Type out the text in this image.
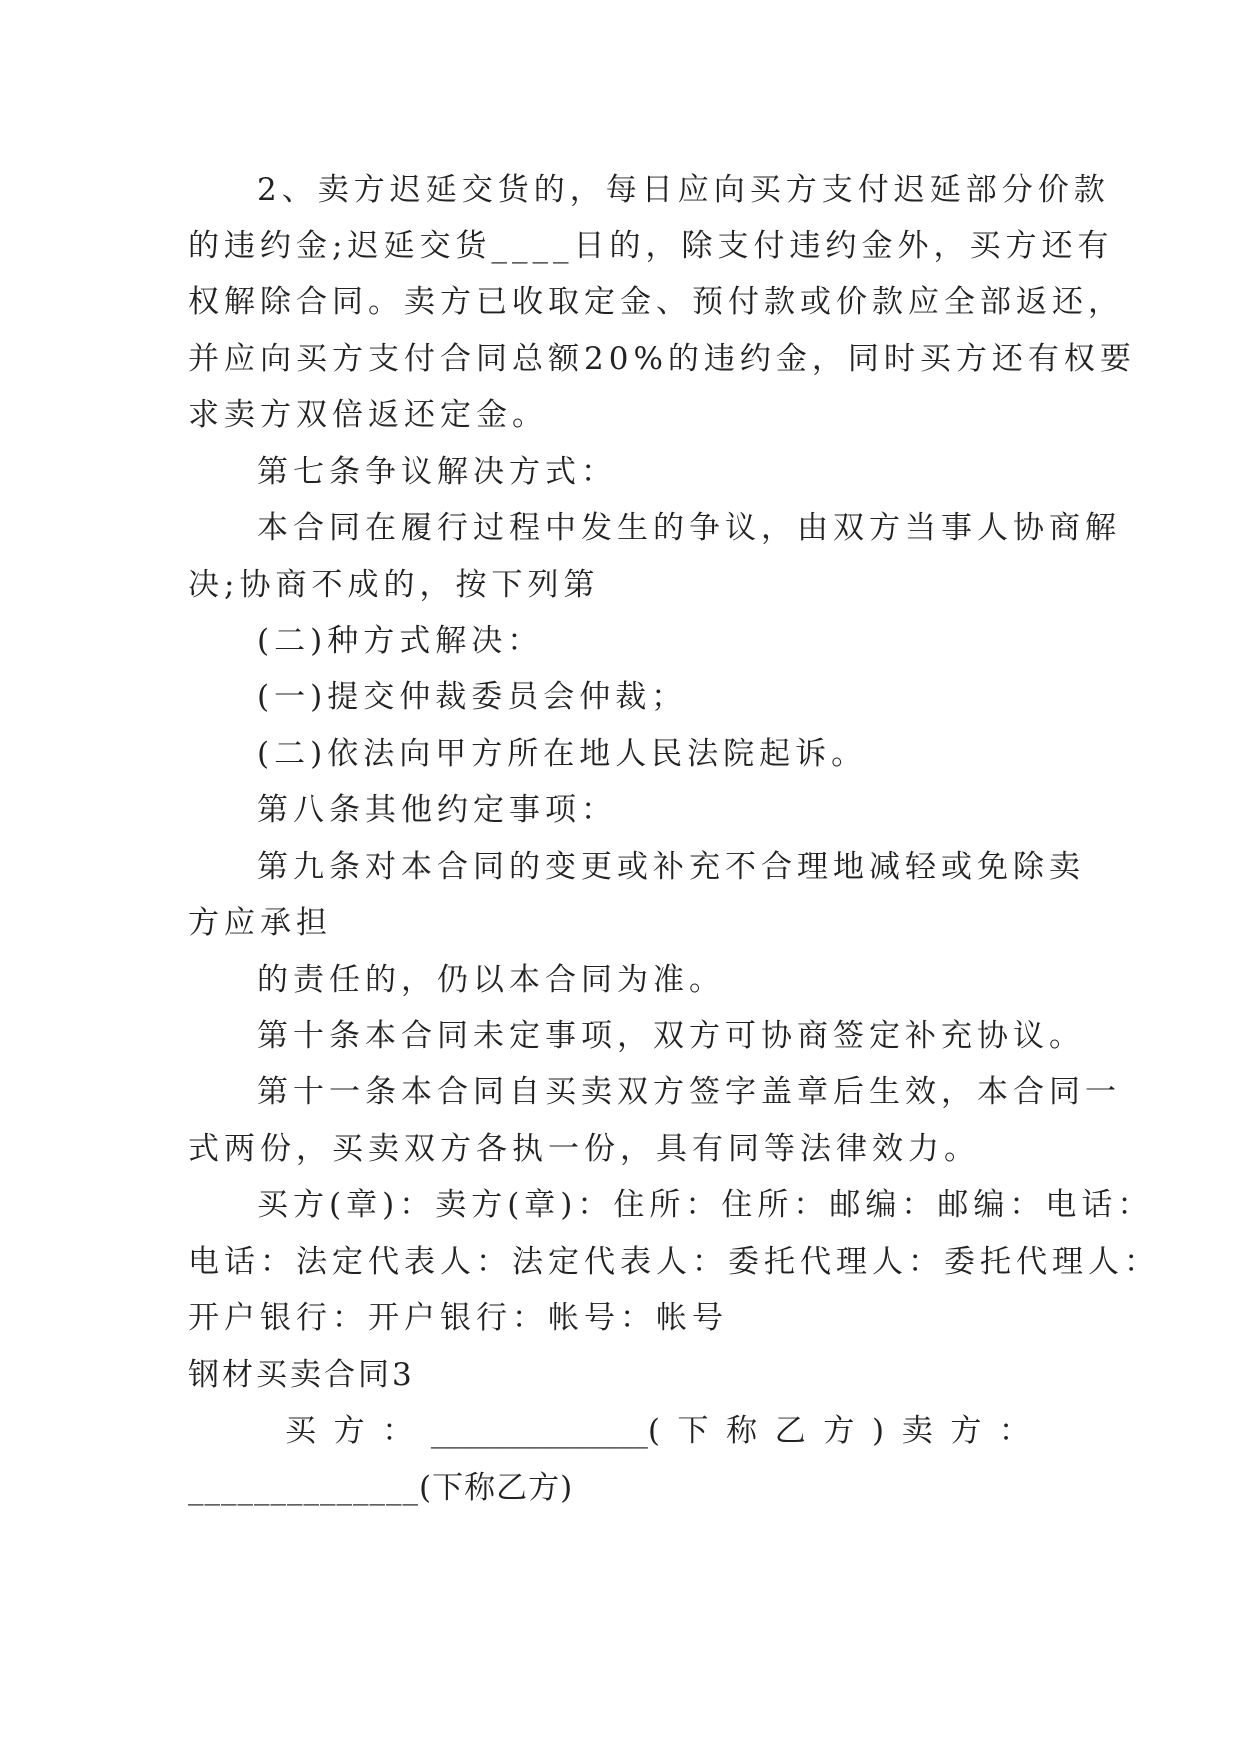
2、卖方迟延交货的，每日应向买方支付迟延部分价款
的违约金;迟延交货____日的，除支付违约金外，买方还有
权解除合同。卖方已收取定金、预付款或价款应全部返还，
并应向买方支付合同总额20%的违约金，同时买方还有权要
求卖方双倍返还定金。
第七条争议解决方式：
本合同在履行过程中发生的争议，由双方当事人协商解
决;协商不成的，按下列第
(二)种方式解决：
(一)提交仲裁委员会仲裁；
(二)依法向甲方所在地人民法院起诉。
第八条其他约定事项：
第九条对本合同的变更或补充不合理地减轻或免除卖
方应承担
的责任的，仍以本合同为准。
第十条本合同未定事项，双方可协商签定补充协议。
第十一条本合同自买卖双方签字盖章后生效，本合同一
式两份，买卖双方各执一份，具有同等法律效力。
买方(章)：卖方(章)：住所：住所：邮编：邮编：电话：
电话：法定代表人：法定代表人：委托代理人：委托代理人：
开户银行：开户银行：帐号：帐号
钢材买卖合同3
买 方 ： ______________( 下 称 乙 方 ) 卖 方 ：
______________(下称乙方)
